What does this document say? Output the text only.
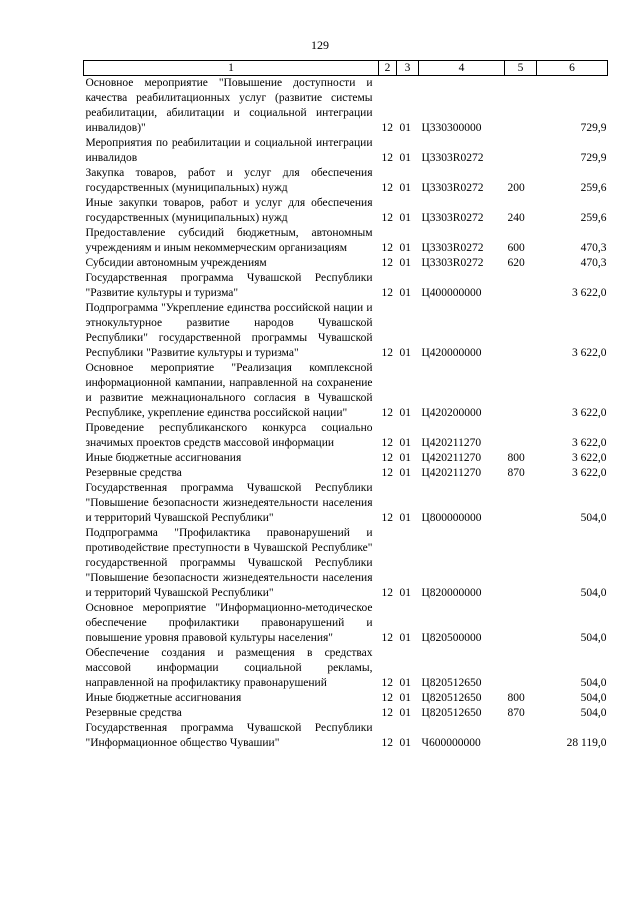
129
1	2	3	4	5	6
Основное мероприятие "Повышение доступности и качества реабилитационных услуг (развитие системы реабилитации, абилитации и социальной интеграции инвалидов)"	12	01	Ц330300000		729,9
Мероприятия по реабилитации и социальной интеграции инвалидов	12	01	Ц3303R0272		729,9
Закупка товаров, работ и услуг для обеспечения государственных (муниципальных) нужд	12	01	Ц3303R0272	200	259,6
Иные закупки товаров, работ и услуг для обеспечения государственных (муниципальных) нужд	12	01	Ц3303R0272	240	259,6
Предоставление субсидий бюджетным, автономным учреждениям и иным некоммерческим организациям	12	01	Ц3303R0272	600	470,3
Субсидии автономным учреждениям	12	01	Ц3303R0272	620	470,3
Государственная программа Чувашской Республики "Развитие культуры и туризма"	12	01	Ц400000000		3 622,0
Подпрограмма "Укрепление единства российской нации и этнокультурное развитие народов Чувашской Республики" государственной программы Чувашской Республики "Развитие культуры и туризма"	12	01	Ц420000000		3 622,0
Основное мероприятие "Реализация комплексной информационной кампании, направленной на сохранение и развитие межнационального согласия в Чувашской Республике, укрепление единства российской нации"	12	01	Ц420200000		3 622,0
Проведение республиканского конкурса социально значимых проектов средств массовой информации	12	01	Ц420211270		3 622,0
Иные бюджетные ассигнования	12	01	Ц420211270	800	3 622,0
Резервные средства	12	01	Ц420211270	870	3 622,0
Государственная программа Чувашской Республики "Повышение безопасности жизнедеятельности населения и территорий Чувашской Республики"	12	01	Ц800000000		504,0
Подпрограмма "Профилактика правонарушений и противодействие преступности в Чувашской Республике" государственной программы Чувашской Республики "Повышение безопасности жизнедеятельности населения и территорий Чувашской Республики"	12	01	Ц820000000		504,0
Основное мероприятие "Информационно-методическое обеспечение профилактики правонарушений и повышение уровня правовой культуры населения"	12	01	Ц820500000		504,0
Обеспечение создания и размещения в средствах массовой информации социальной рекламы, направленной на профилактику правонарушений	12	01	Ц820512650		504,0
Иные бюджетные ассигнования	12	01	Ц820512650	800	504,0
Резервные средства	12	01	Ц820512650	870	504,0
Государственная программа Чувашской Республики "Информационное общество Чувашии"	12	01	Ч600000000		28 119,0
